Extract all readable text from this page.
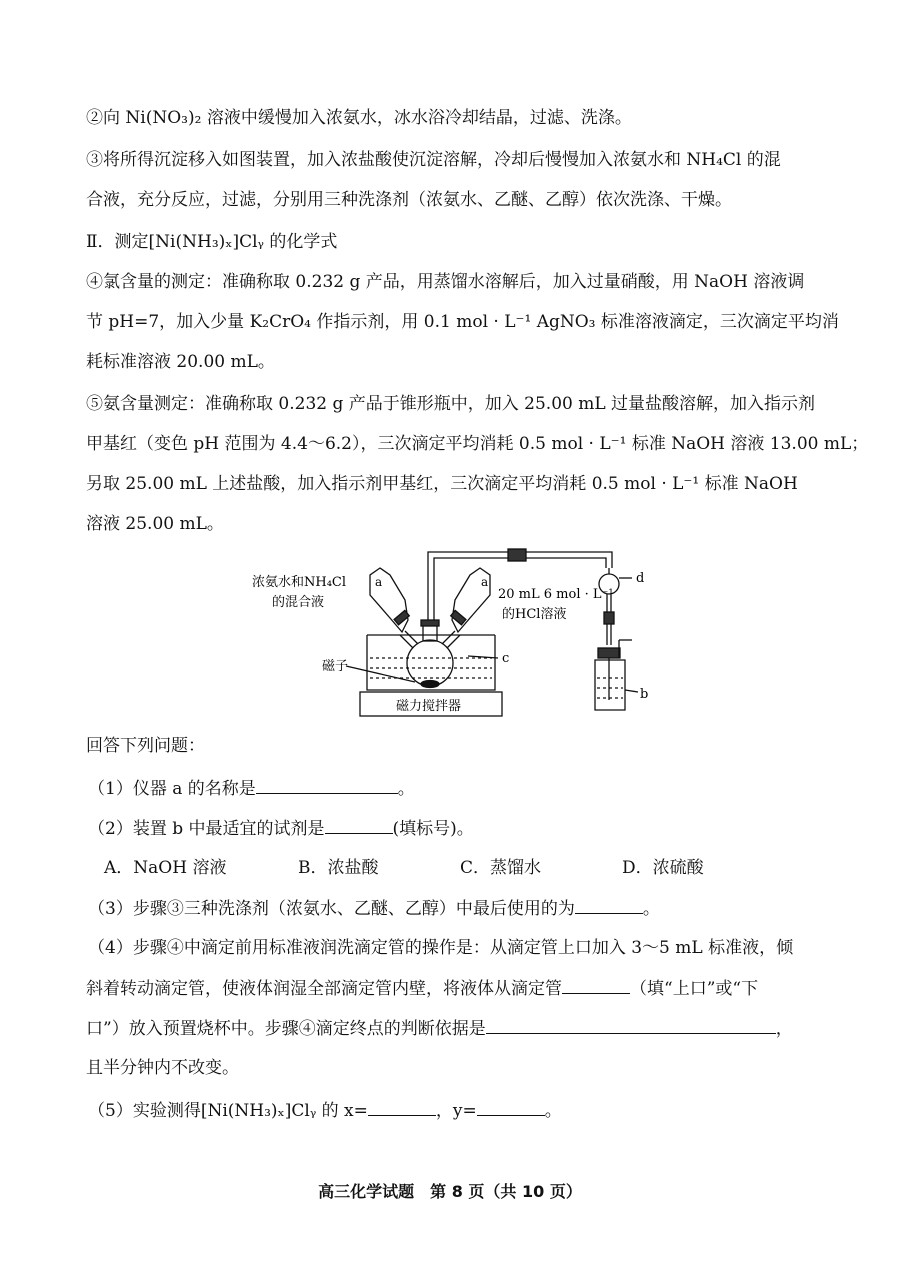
②向 Ni(NO₃)₂ 溶液中缓慢加入浓氨水，冰水浴冷却结晶，过滤、洗涤。
③将所得沉淀移入如图装置，加入浓盐酸使沉淀溶解，冷却后慢慢加入浓氨水和 NH₄Cl 的混
合液，充分反应，过滤，分别用三种洗涤剂（浓氨水、乙醚、乙醇）依次洗涤、干燥。
Ⅱ．测定[Ni(NH₃)ₓ]Clᵧ 的化学式
④氯含量的测定：准确称取 0.232 g 产品，用蒸馏水溶解后，加入过量硝酸，用 NaOH 溶液调
节 pH=7，加入少量 K₂CrO₄ 作指示剂，用 0.1 mol · L⁻¹ AgNO₃ 标准溶液滴定，三次滴定平均消
耗标准溶液 20.00 mL。
⑤氨含量测定：准确称取 0.232 g 产品于锥形瓶中，加入 25.00 mL 过量盐酸溶解，加入指示剂
甲基红（变色 pH 范围为 4.4～6.2），三次滴定平均消耗 0.5 mol · L⁻¹ 标准 NaOH 溶液 13.00 mL；
另取 25.00 mL 上述盐酸，加入指示剂甲基红，三次滴定平均消耗 0.5 mol · L⁻¹ 标准 NaOH
溶液 25.00 mL。
浓氨水和NH₄Cl
的混合液
a	a
20 mL 6 mol · L⁻¹
的HCl溶液
c
d
b
磁子
磁力搅拌器
回答下列问题：
（1）仪器 a 的名称是	。
（2）装置 b 中最适宜的试剂是	(填标号)。
A．NaOH 溶液	B．浓盐酸	C．蒸馏水	D．浓硫酸
（3）步骤③三种洗涤剂（浓氨水、乙醚、乙醇）中最后使用的为	。
（4）步骤④中滴定前用标准液润洗滴定管的操作是：从滴定管上口加入 3～5 mL 标准液，倾
斜着转动滴定管，使液体润湿全部滴定管内壁，将液体从滴定管	（填“上口”或“下
口”）放入预置烧杯中。步骤④滴定终点的判断依据是	，
且半分钟内不改变。
（5）实验测得[Ni(NH₃)ₓ]Clᵧ 的 x=	，y=	。
高三化学试题　第 8 页（共 10 页）
